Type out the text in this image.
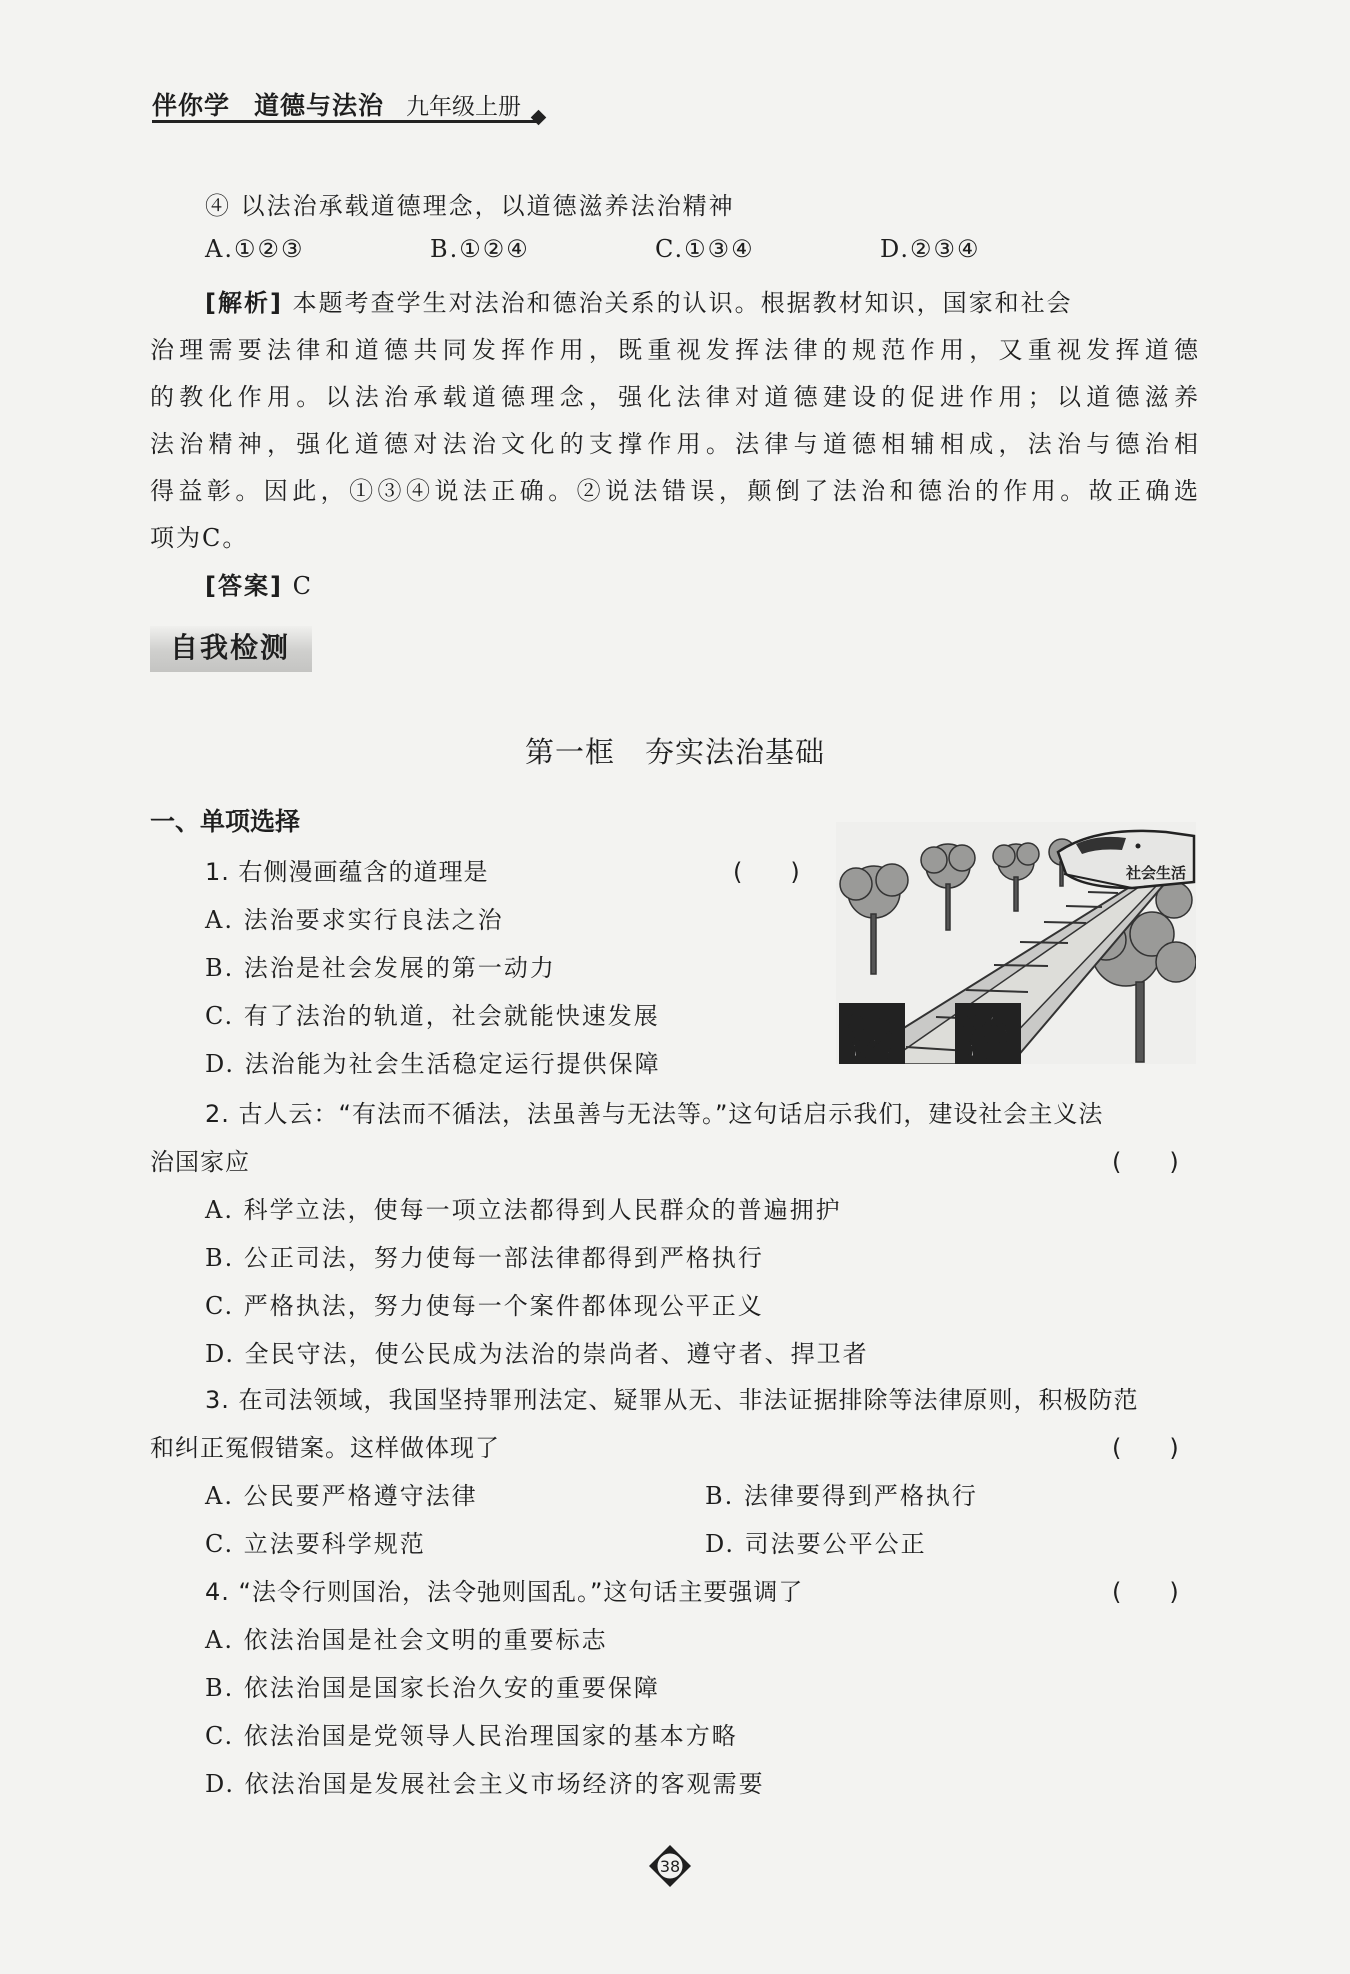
伴你学 道德与法治 九年级上册
④ 以法治承载道德理念，以道德滋养法治精神
A.①②③	B.①②④	C.①③④	D.②③④
[解析] 本题考查学生对法治和德治关系的认识。根据教材知识，国家和社会
治理需要法律和道德共同发挥作用，既重视发挥法律的规范作用，又重视发挥道德
的教化作用。以法治承载道德理念，强化法律对道德建设的促进作用；以道德滋养
法治精神，强化道德对法治文化的支撑作用。法律与道德相辅相成，法治与德治相
得益彰。因此，①③④说法正确。②说法错误，颠倒了法治和德治的作用。故正确选
项为C。
[答案] C
自我检测
第一框 夯实法治基础
一、单项选择
1. 右侧漫画蕴含的道理是	(　　)
A. 法治要求实行良法之治
B. 法治是社会发展的第一动力
C. 有了法治的轨道，社会就能快速发展
D. 法治能为社会生活稳定运行提供保障	法 治
社会生活
2. 古人云：“有法而不循法，法虽善与无法等。”这句话启示我们，建设社会主义法
治国家应	(　　)
A. 科学立法，使每一项立法都得到人民群众的普遍拥护
B. 公正司法，努力使每一部法律都得到严格执行
C. 严格执法，努力使每一个案件都体现公平正义
D. 全民守法，使公民成为法治的崇尚者、遵守者、捍卫者
3. 在司法领域，我国坚持罪刑法定、疑罪从无、非法证据排除等法律原则，积极防范
和纠正冤假错案。这样做体现了	(　　)
A. 公民要严格遵守法律	B. 法律要得到严格执行
C. 立法要科学规范	D. 司法要公平公正
4. “法令行则国治，法令弛则国乱。”这句话主要强调了	(　　)
A. 依法治国是社会文明的重要标志
B. 依法治国是国家长治久安的重要保障
C. 依法治国是党领导人民治理国家的基本方略
D. 依法治国是发展社会主义市场经济的客观需要
38
